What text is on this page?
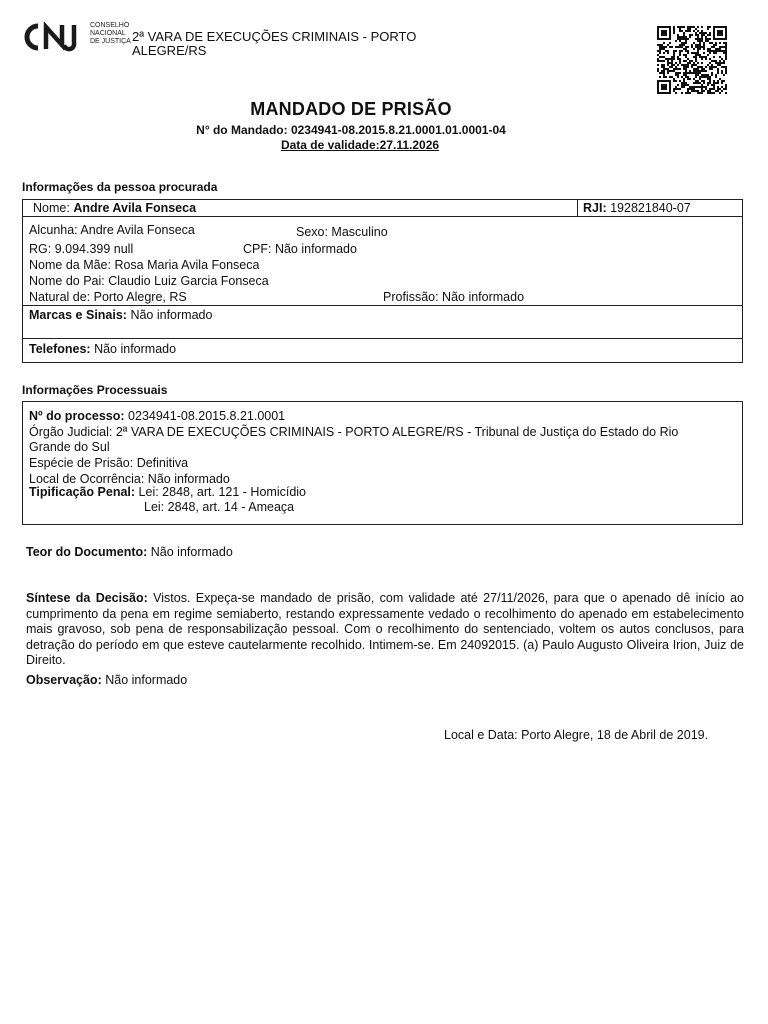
CNJ	CONSELHO
NACIONAL
DE JUSTIÇA 2ª VARA DE EXECUÇÕES CRIMINAIS - PORTO
ALEGRE/RS
MANDADO DE PRISÃO
N° do Mandado: 0234941-08.2015.8.21.0001.01.0001-04
Data de validade:27.11.2026
Informações da pessoa procurada
Nome: Andre Avila Fonseca	RJI: 192821840-07
Alcunha: Andre Avila Fonseca	Sexo: Masculino
RG: 9.094.399 null	CPF: Não informado
Nome da Mãe: Rosa Maria Avila Fonseca
Nome do Pai: Claudio Luiz Garcia Fonseca
Natural de: Porto Alegre, RS	Profissão: Não informado
Marcas e Sinais: Não informado
Telefones: Não informado
Informações Processuais
Nº do processo: 0234941-08.2015.8.21.0001
Órgão Judicial: 2ª VARA DE EXECUÇÕES CRIMINAIS - PORTO ALEGRE/RS - Tribunal de Justiça do Estado do Rio
Grande do Sul
Espécie de Prisão: Definitiva
Local de Ocorrência: Não informado
Tipificação Penal: Lei: 2848, art. 121 - Homicídio
Lei: 2848, art. 14 - Ameaça
Teor do Documento: Não informado
Síntese da Decisão: Vistos. Expeça-se mandado de prisão, com validade até 27/11/2026, para que o apenado dê início ao cumprimento da pena em regime semiaberto, restando expressamente vedado o recolhimento do apenado em estabelecimento mais gravoso, sob pena de responsabilização pessoal. Com o recolhimento do sentenciado, voltem os autos conclusos, para detração do período em que esteve cautelarmente recolhido. Intimem-se. Em 24092015. (a) Paulo Augusto Oliveira Irion, Juiz de Direito.
Observação: Não informado
Local e Data: Porto Alegre, 18 de Abril de 2019.
